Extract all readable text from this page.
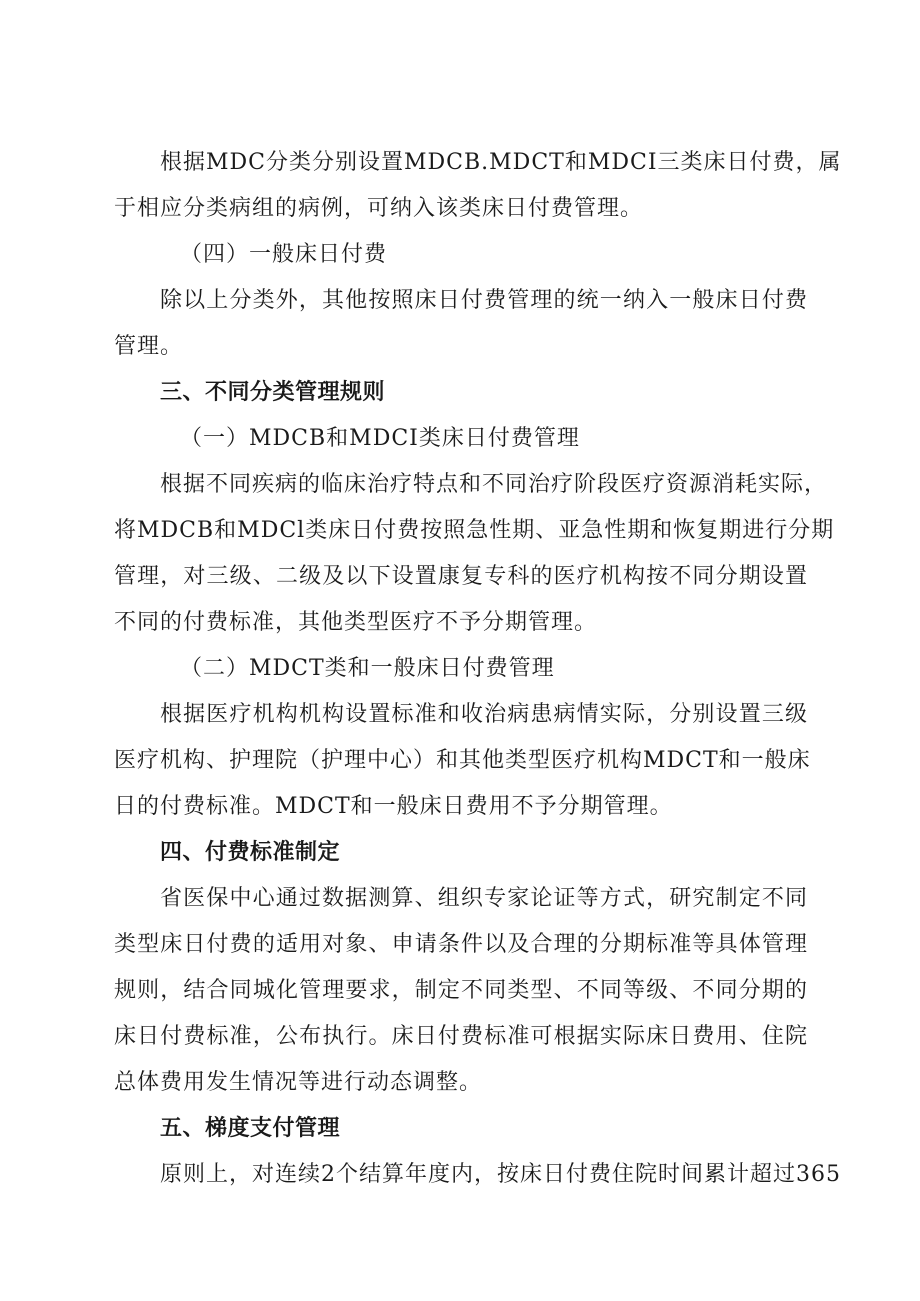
根据MDC分类分别设置MDCB.MDCT和MDCI三类床日付费，属
于相应分类病组的病例，可纳入该类床日付费管理。
（四）一般床日付费
除以上分类外，其他按照床日付费管理的统一纳入一般床日付费
管理。
三、不同分类管理规则
（一）MDCB和MDCI类床日付费管理
根据不同疾病的临床治疗特点和不同治疗阶段医疗资源消耗实际，
将MDCB和MDCl类床日付费按照急性期、亚急性期和恢复期进行分期
管理，对三级、二级及以下设置康复专科的医疗机构按不同分期设置
不同的付费标准，其他类型医疗不予分期管理。
（二）MDCT类和一般床日付费管理
根据医疗机构机构设置标准和收治病患病情实际，分别设置三级
医疗机构、护理院（护理中心）和其他类型医疗机构MDCT和一般床
日的付费标准。MDCT和一般床日费用不予分期管理。
四、付费标准制定
省医保中心通过数据测算、组织专家论证等方式，研究制定不同
类型床日付费的适用对象、申请条件以及合理的分期标准等具体管理
规则，结合同城化管理要求，制定不同类型、不同等级、不同分期的
床日付费标准，公布执行。床日付费标准可根据实际床日费用、住院
总体费用发生情况等进行动态调整。
五、梯度支付管理
原则上，对连续2个结算年度内，按床日付费住院时间累计超过365
